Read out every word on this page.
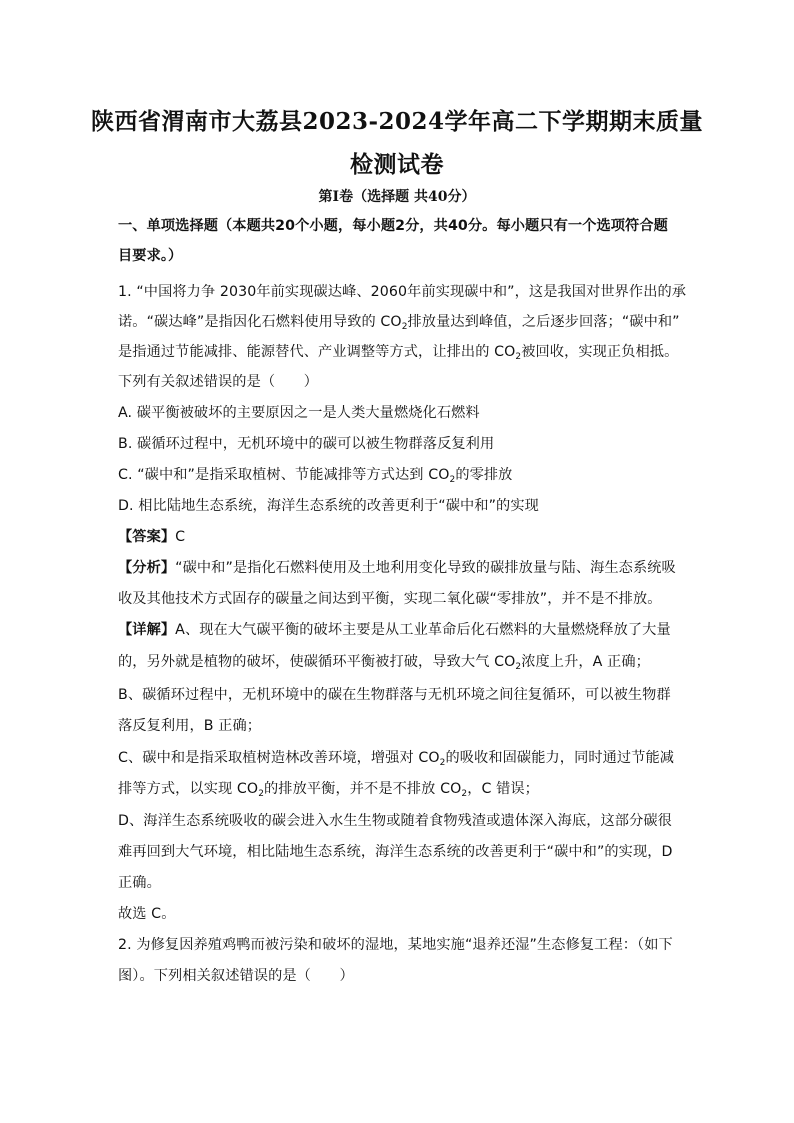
陕西省渭南市大荔县2023-2024学年高二下学期期末质量
检测试卷
第Ⅰ卷（选择题 共40分）
一、单项选择题（本题共20个小题，每小题2分，共40分。每小题只有一个选项符合题
目要求。）
1. “中国将力争 2030年前实现碳达峰、2060年前实现碳中和”，这是我国对世界作出的承
诺。“碳达峰”是指因化石燃料使用导致的 $CO_2$排放量达到峰值，之后逐步回落；“碳中和”
是指通过节能减排、能源替代、产业调整等方式，让排出的 $CO_2$被回收，实现正负相抵。
下列有关叙述错误的是（　　）
A. 碳平衡被破坏的主要原因之一是人类大量燃烧化石燃料
B. 碳循环过程中，无机环境中的碳可以被生物群落反复利用
C. “碳中和”是指采取植树、节能减排等方式达到 $CO_2$的零排放
D. 相比陆地生态系统，海洋生态系统的改善更利于“碳中和”的实现
【答案】C
【分析】“碳中和”是指化石燃料使用及土地利用变化导致的碳排放量与陆、海生态系统吸
收及其他技术方式固存的碳量之间达到平衡，实现二氧化碳“零排放”，并不是不排放。
【详解】A、现在大气碳平衡的破坏主要是从工业革命后化石燃料的大量燃烧释放了大量
的，另外就是植物的破坏，使碳循环平衡被打破，导致大气 $CO_2$浓度上升，A 正确；
B、碳循环过程中，无机环境中的碳在生物群落与无机环境之间往复循环，可以被生物群
落反复利用，B 正确；
C、碳中和是指采取植树造林改善环境，增强对 $CO_2$的吸收和固碳能力，同时通过节能减
排等方式，以实现 $CO_2$的排放平衡，并不是不排放 $CO_2$，C 错误；
D、海洋生态系统吸收的碳会进入水生生物或随着食物残渣或遗体深入海底，这部分碳很
难再回到大气环境，相比陆地生态系统，海洋生态系统的改善更利于“碳中和”的实现，D
正确。
故选 C。
2. 为修复因养殖鸡鸭而被污染和破坏的湿地，某地实施“退养还湿”生态修复工程：（如下
图）。下列相关叙述错误的是（　　）
